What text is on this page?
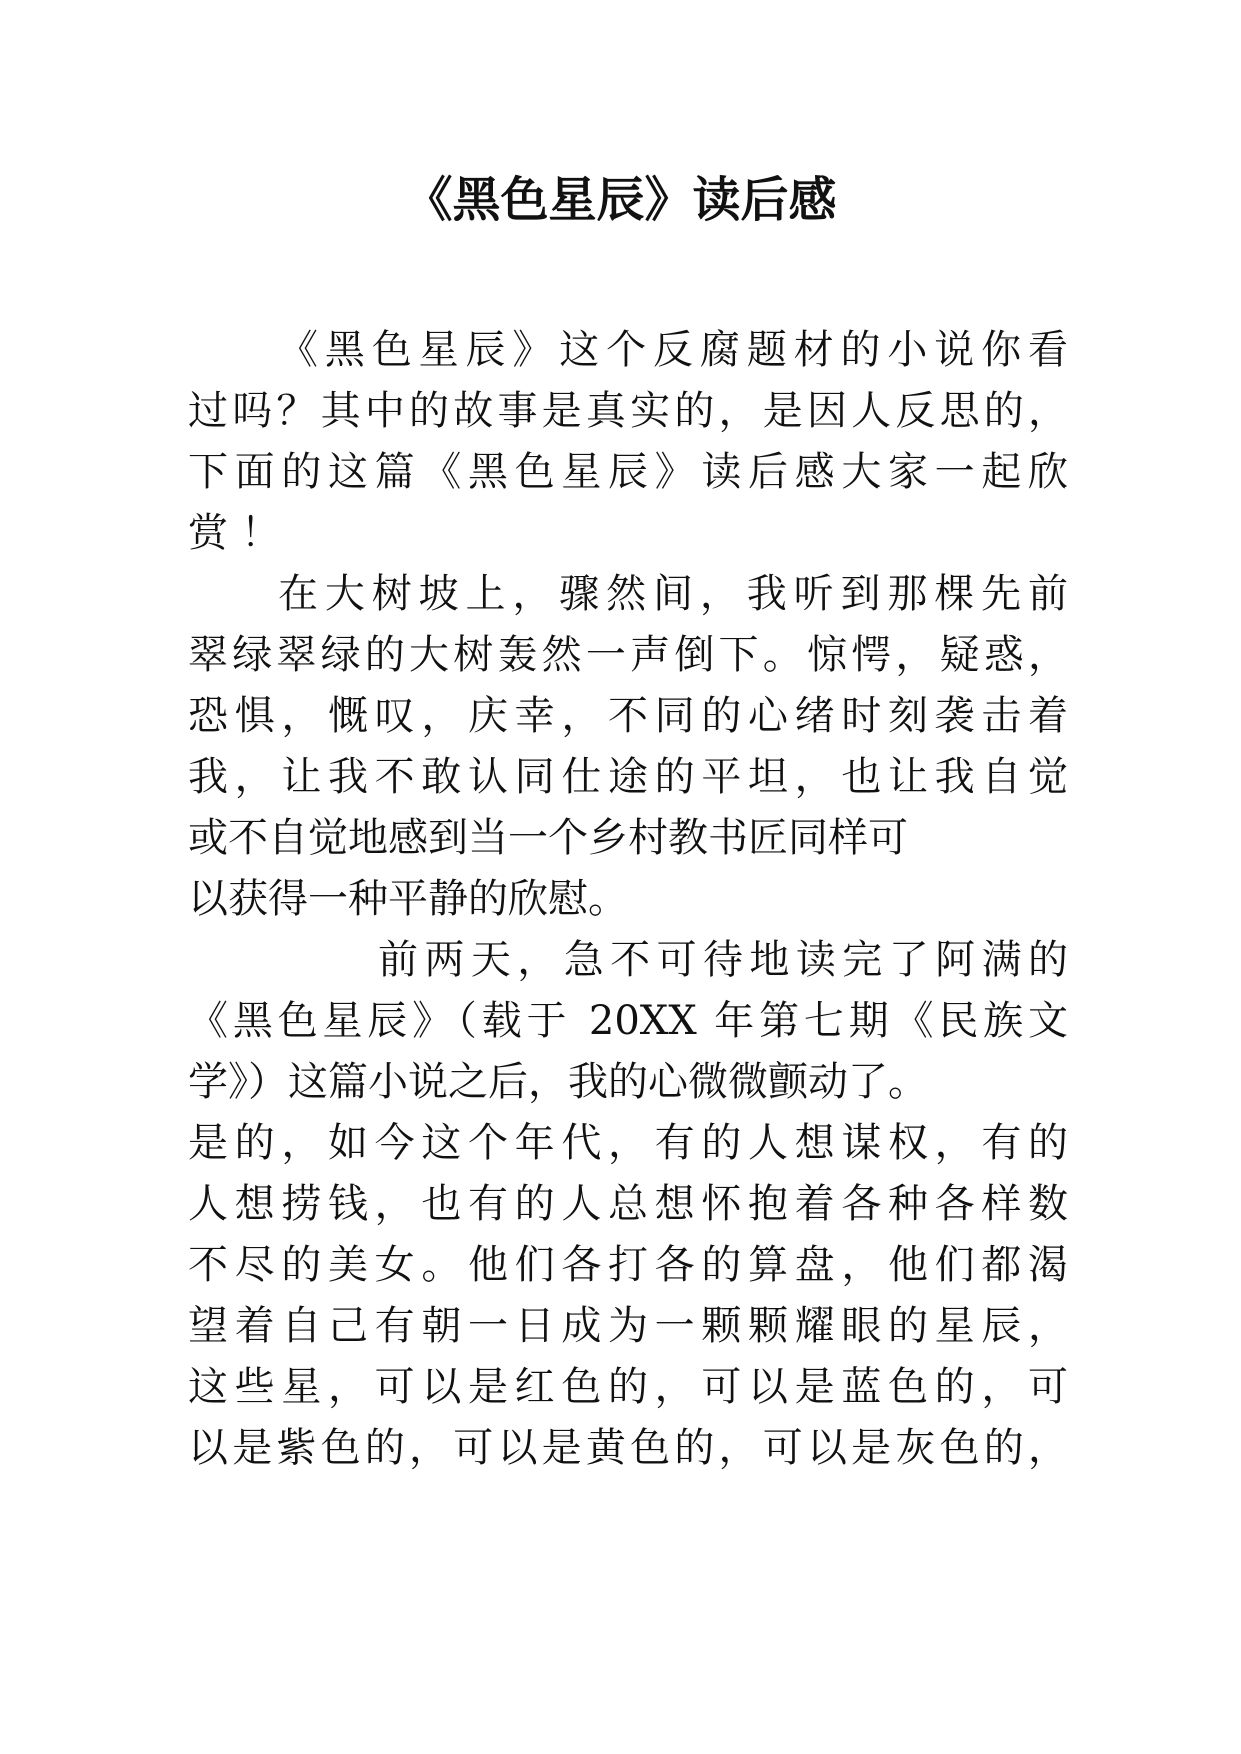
《黑色星辰》读后感
《黑色星辰》这个反腐题材的小说你看
过吗？其中的故事是真实的，是因人反思的，
下面的这篇《黑色星辰》读后感大家一起欣
赏 ！
在大树坡上，骤然间，我听到那棵先前
翠绿翠绿的大树轰然一声倒下。惊愕，疑惑，
恐惧，慨叹，庆幸，不同的心绪时刻袭击着
我，让我不敢认同仕途的平坦，也让我自觉
或不自觉地感到当一个乡村教书匠同样可
以获得一种平静的欣慰。
前两天，急不可待地读完了阿满的
《黑色星辰》（载于 20XX 年第七期《民族文
学》）这篇小说之后，我的心微微颤动了。
是的，如今这个年代，有的人想谋权，有的
人想捞钱，也有的人总想怀抱着各种各样数
不尽的美女。他们各打各的算盘，他们都渴
望着自己有朝一日成为一颗颗耀眼的星辰，
这些星，可以是红色的，可以是蓝色的，可
以是紫色的，可以是黄色的，可以是灰色的，
